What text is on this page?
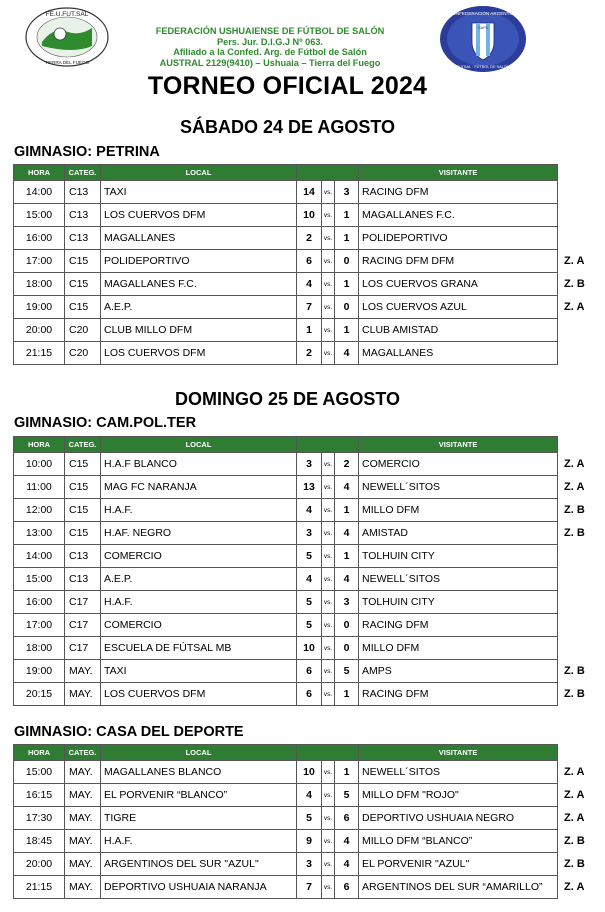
FE.U.FUT.SAL
TIERRA DEL FUEGO
FEDERACIÓN USHUAIENSE DE FÚTBOL DE SALÓN
Pers. Jur. D.I.G.J Nº 063.
Afiliado a la Confed. Arg. de Fútbol de Salón
AUSTRAL 2129(9410) – Ushuaia – Tierra del Fuego
CONFEDERACIÓN ARGENTINA
CAFS
FUTSAL · FÚTBOL DE SALÓN
TORNEO OFICIAL 2024
SÁBADO 24 DE AGOSTO
GIMNASIO: PETRINA
HORA	CATEG.	LOCAL				VISITANTE	
14:00	C13	TAXI	14	vs.	3	RACING DFM	
15:00	C13	LOS CUERVOS DFM	10	vs.	1	MAGALLANES F.C.	
16:00	C13	MAGALLANES	2	vs.	1	POLIDEPORTIVO	
17:00	C15	POLIDEPORTIVO	6	vs.	0	RACING DFM DFM	Z. A
18:00	C15	MAGALLANES F.C.	4	vs.	1	LOS CUERVOS GRANA	Z. B
19:00	C15	A.E.P.	7	vs.	0	LOS CUERVOS AZUL	Z. A
20:00	C20	CLUB MILLO DFM	1	vs.	1	CLUB AMISTAD	
21:15	C20	LOS CUERVOS DFM	2	vs.	4	MAGALLANES	
DOMINGO 25 DE AGOSTO
GIMNASIO: CAM.POL.TER
HORA	CATEG.	LOCAL				VISITANTE	
10:00	C15	H.A.F BLANCO	3	vs.	2	COMERCIO	Z. A
11:00	C15	MAG FC NARANJA	13	vs.	4	NEWELL´SITOS	Z. A
12:00	C15	H.A.F.	4	vs.	1	MILLO DFM	Z. B
13:00	C15	H.AF. NEGRO	3	vs.	4	AMISTAD	Z. B
14:00	C13	COMERCIO	5	vs.	1	TOLHUIN CITY	
15:00	C13	A.E.P.	4	vs.	4	NEWELL´SITOS	
16:00	C17	H.A.F.	5	vs.	3	TOLHUIN CITY	
17:00	C17	COMERCIO	5	vs.	0	RACING DFM	
18:00	C17	ESCUELA DE FÚTSAL MB	10	vs.	0	MILLO DFM	
19:00	MAY.	TAXI	6	vs.	5	AMPS	Z. B
20:15	MAY.	LOS CUERVOS DFM	6	vs.	1	RACING DFM	Z. B
GIMNASIO: CASA DEL DEPORTE
HORA	CATEG.	LOCAL				VISITANTE	
15:00	MAY.	MAGALLANES BLANCO	10	vs.	1	NEWELL´SITOS	Z. A
16:15	MAY.	EL PORVENIR “BLANCO”	4	vs.	5	MILLO DFM "ROJO"	Z. A
17:30	MAY.	TIGRE	5	vs.	6	DEPORTIVO USHUAIA NEGRO	Z. A
18:45	MAY.	H.A.F.	9	vs.	4	MILLO DFM “BLANCO”	Z. B
20:00	MAY.	ARGENTINOS DEL SUR "AZUL"	3	vs.	4	EL PORVENIR "AZUL"	Z. B
21:15	MAY.	DEPORTIVO USHUAIA NARANJA	7	vs.	6	ARGENTINOS DEL SUR “AMARILLO”	Z. A
